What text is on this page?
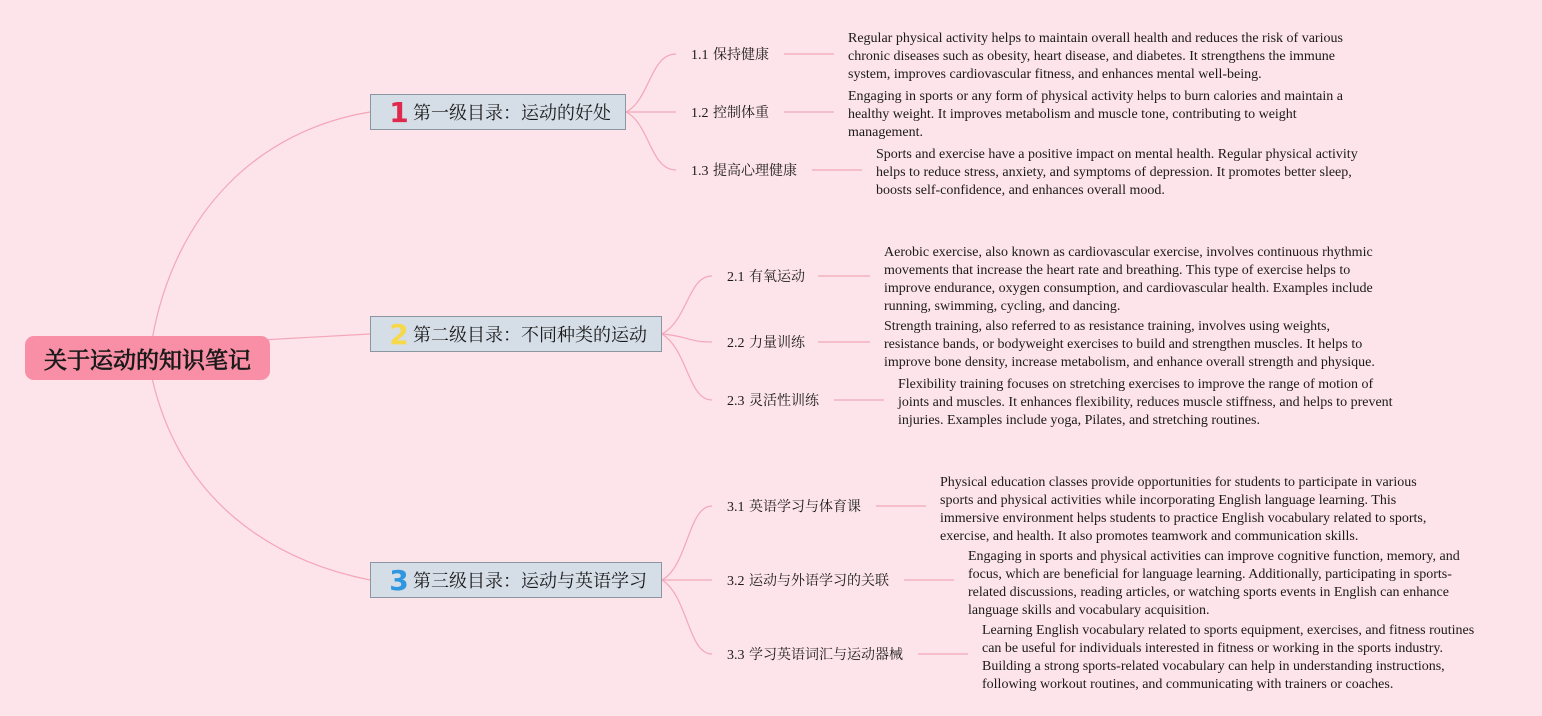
关于运动的知识笔记
1 第一级目录：运动的好处
1.1 保持健康
1.2 控制体重
1.3 提高心理健康
Regular physical activity helps to maintain overall health and reduces the risk of various chronic diseases such as obesity, heart disease, and diabetes. It strengthens the immune system, improves cardiovascular fitness, and enhances mental well-being.
Engaging in sports or any form of physical activity helps to burn calories and maintain a healthy weight. It improves metabolism and muscle tone, contributing to weight management.
Sports and exercise have a positive impact on mental health. Regular physical activity helps to reduce stress, anxiety, and symptoms of depression. It promotes better sleep, boosts self-confidence, and enhances overall mood.
2 第二级目录：不同种类的运动
2.1 有氧运动
2.2 力量训练
2.3 灵活性训练
Aerobic exercise, also known as cardiovascular exercise, involves continuous rhythmic movements that increase the heart rate and breathing. This type of exercise helps to improve endurance, oxygen consumption, and cardiovascular health. Examples include running, swimming, cycling, and dancing.
Strength training, also referred to as resistance training, involves using weights, resistance bands, or bodyweight exercises to build and strengthen muscles. It helps to improve bone density, increase metabolism, and enhance overall strength and physique.
Flexibility training focuses on stretching exercises to improve the range of motion of joints and muscles. It enhances flexibility, reduces muscle stiffness, and helps to prevent injuries. Examples include yoga, Pilates, and stretching routines.
3 第三级目录：运动与英语学习
3.1 英语学习与体育课
3.2 运动与外语学习的关联
3.3 学习英语词汇与运动器械
Physical education classes provide opportunities for students to participate in various sports and physical activities while incorporating English language learning. This immersive environment helps students to practice English vocabulary related to sports, exercise, and health. It also promotes teamwork and communication skills.
Engaging in sports and physical activities can improve cognitive function, memory, and focus, which are beneficial for language learning. Additionally, participating in sports-related discussions, reading articles, or watching sports events in English can enhance language skills and vocabulary acquisition.
Learning English vocabulary related to sports equipment, exercises, and fitness routines can be useful for individuals interested in fitness or working in the sports industry. Building a strong sports-related vocabulary can help in understanding instructions, following workout routines, and communicating with trainers or coaches.
